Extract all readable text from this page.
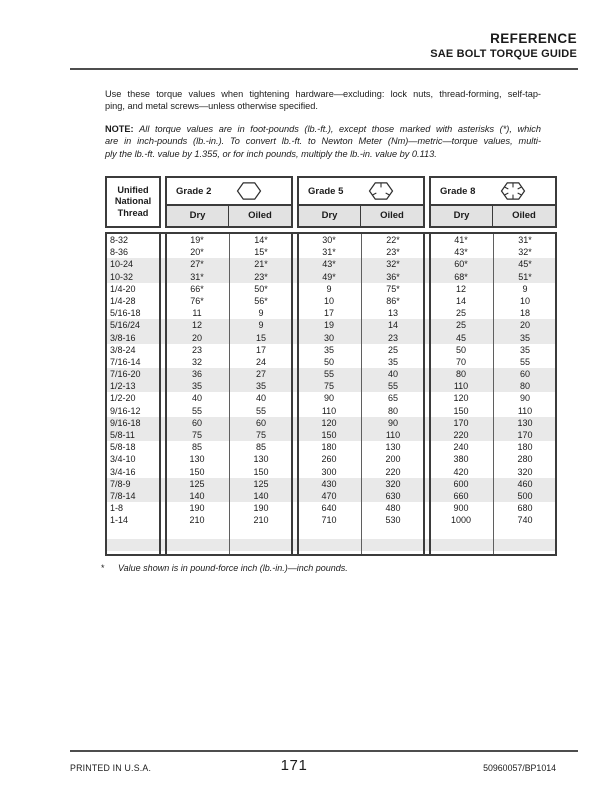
REFERENCE
SAE BOLT TORQUE GUIDE
Use these torque values when tightening hardware—excluding: lock nuts, thread-forming, self-tap-
ping, and metal screws—unless otherwise specified.
NOTE: All torque values are in foot-pounds (lb.-ft.), except those marked with asterisks (*), which
are in inch-pounds (lb.-in.). To convert lb.-ft. to Newton Meter (Nm)—metric—torque values, multi-
ply the lb.-ft. value by 1.355, or for inch pounds, multiply the lb.-in. value by 0.113.
Unified National Thread
Grade 2
Dry	Oiled
Grade 5
Dry	Oiled
Grade 8
Dry	Oiled
8-32	19*	14*	30*	22*	41*	31*
8-36	20*	15*	31*	23*	43*	32*
10-24	27*	21*	43*	32*	60*	45*
10-32	31*	23*	49*	36*	68*	51*
1/4-20	66*	50*	9	75*	12	9
1/4-28	76*	56*	10	86*	14	10
5/16-18	11	9	17	13	25	18
5/16/24	12	9	19	14	25	20
3/8-16	20	15	30	23	45	35
3/8-24	23	17	35	25	50	35
7/16-14	32	24	50	35	70	55
7/16-20	36	27	55	40	80	60
1/2-13	35	35	75	55	110	80
1/2-20	40	40	90	65	120	90
9/16-12	55	55	110	80	150	110
9/16-18	60	60	120	90	170	130
5/8-11	75	75	150	110	220	170
5/8-18	85	85	180	130	240	180
3/4-10	130	130	260	200	380	280
3/4-16	150	150	300	220	420	320
7/8-9	125	125	430	320	600	460
7/8-14	140	140	470	630	660	500
1-8	190	190	640	480	900	680
1-14	210	210	710	530	1000	740
*	Value shown is in pound-force inch (lb.-in.)—inch pounds.
PRINTED IN U.S.A.	171	50960057/BP1014
